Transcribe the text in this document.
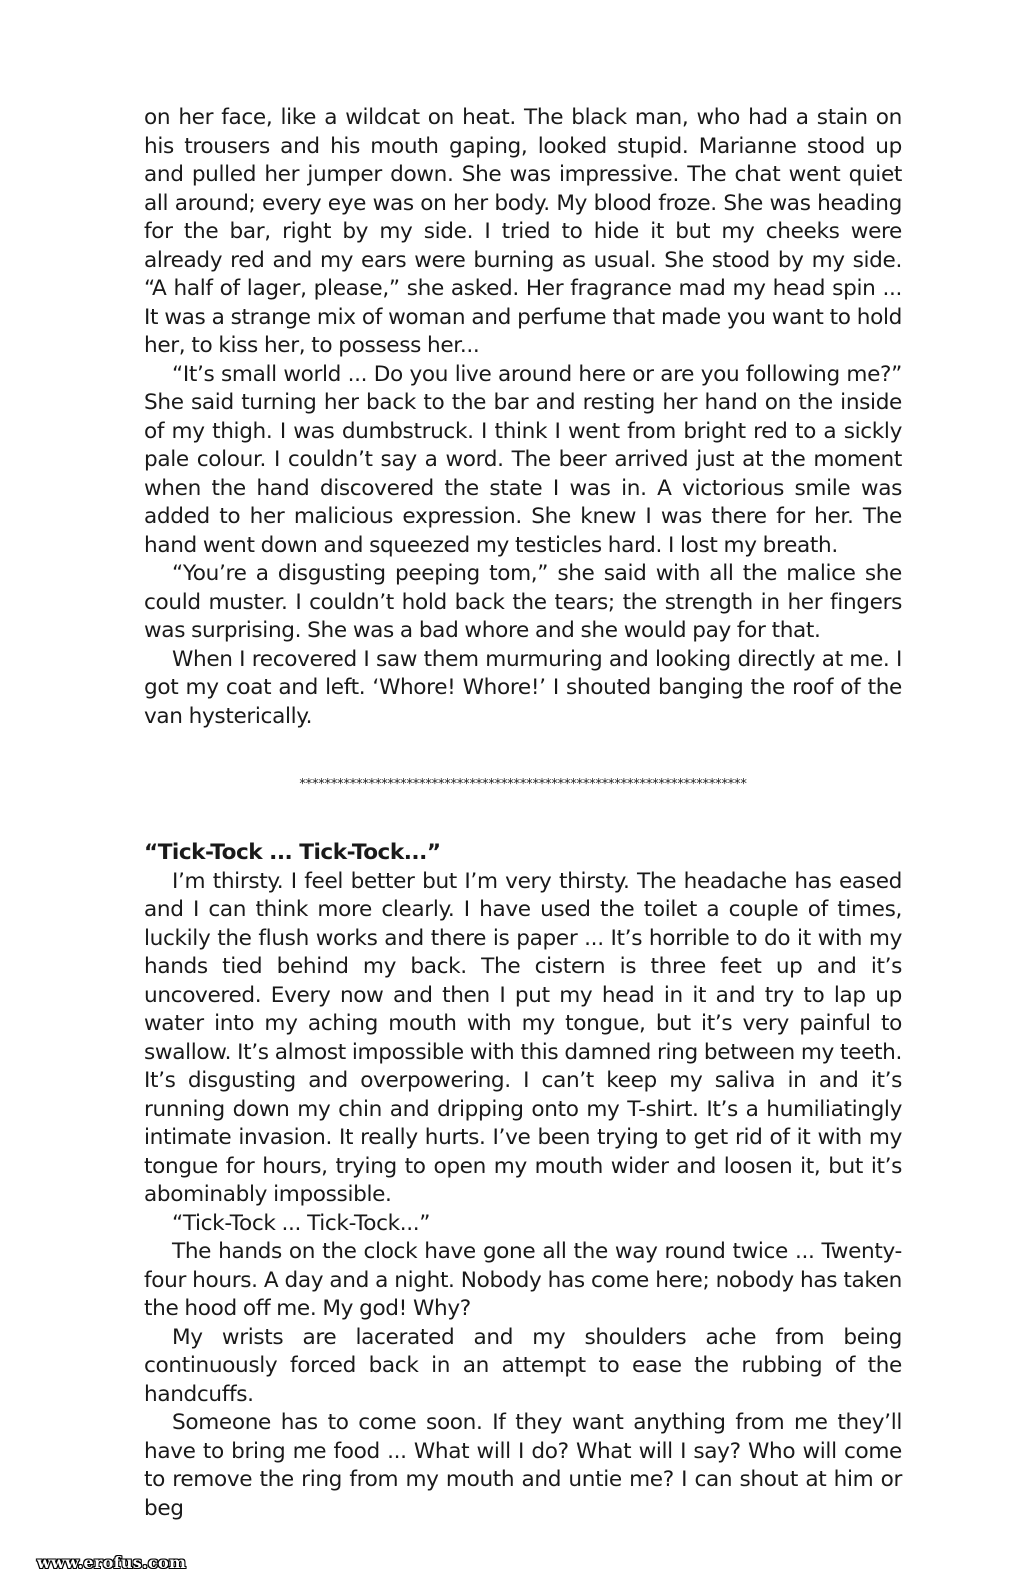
on her face, like a wildcat on heat. The black man, who had a stain on his trousers and his mouth gaping, looked stupid. Marianne stood up and pulled her jumper down. She was impressive. The chat went quiet all around; every eye was on her body. My blood froze. She was heading for the bar, right by my side. I tried to hide it but my cheeks were already red and my ears were burning as usual. She stood by my side. “A half of lager, please,” she asked. Her fragrance mad my head spin ... It was a strange mix of woman and perfume that made you want to hold her, to kiss her, to possess her...

“It’s small world ... Do you live around here or are you following me?” She said turning her back to the bar and resting her hand on the inside of my thigh. I was dumbstruck. I think I went from bright red to a sickly pale colour. I couldn’t say a word. The beer arrived just at the moment when the hand discovered the state I was in. A victorious smile was added to her malicious expression. She knew I was there for her. The hand went down and squeezed my testicles hard. I lost my breath.

“You’re a disgusting peeping tom,” she said with all the malice she could muster. I couldn’t hold back the tears; the strength in her fingers was surprising. She was a bad whore and she would pay for that.

When I recovered I saw them murmuring and looking directly at me. I got my coat and left. ‘Whore! Whore!’ I shouted banging the roof of the van hysterically.

***********************************************************************
“Tick-Tock ... Tick-Tock...”

I’m thirsty. I feel better but I’m very thirsty. The headache has eased and I can think more clearly. I have used the toilet a couple of times, luckily the flush works and there is paper ... It’s horrible to do it with my hands tied behind my back. The cistern is three feet up and it’s uncovered. Every now and then I put my head in it and try to lap up water into my aching mouth with my tongue, but it’s very painful to swallow. It’s almost impossible with this damned ring between my teeth. It’s disgusting and overpowering. I can’t keep my saliva in and it’s running down my chin and dripping onto my T-shirt. It’s a humiliatingly intimate invasion. It really hurts. I’ve been trying to get rid of it with my tongue for hours, trying to open my mouth wider and loosen it, but it’s abominably impossible.

“Tick-Tock ... Tick-Tock...”

The hands on the clock have gone all the way round twice ... Twenty-four hours. A day and a night. Nobody has come here; nobody has taken the hood off me. My god! Why?

My wrists are lacerated and my shoulders ache from being continuously forced back in an attempt to ease the rubbing of the handcuffs.

Someone has to come soon. If they want anything from me they’ll have to bring me food ... What will I do? What will I say? Who will come to remove the ring from my mouth and untie me? I can shout at him or beg

www.erofus.com
